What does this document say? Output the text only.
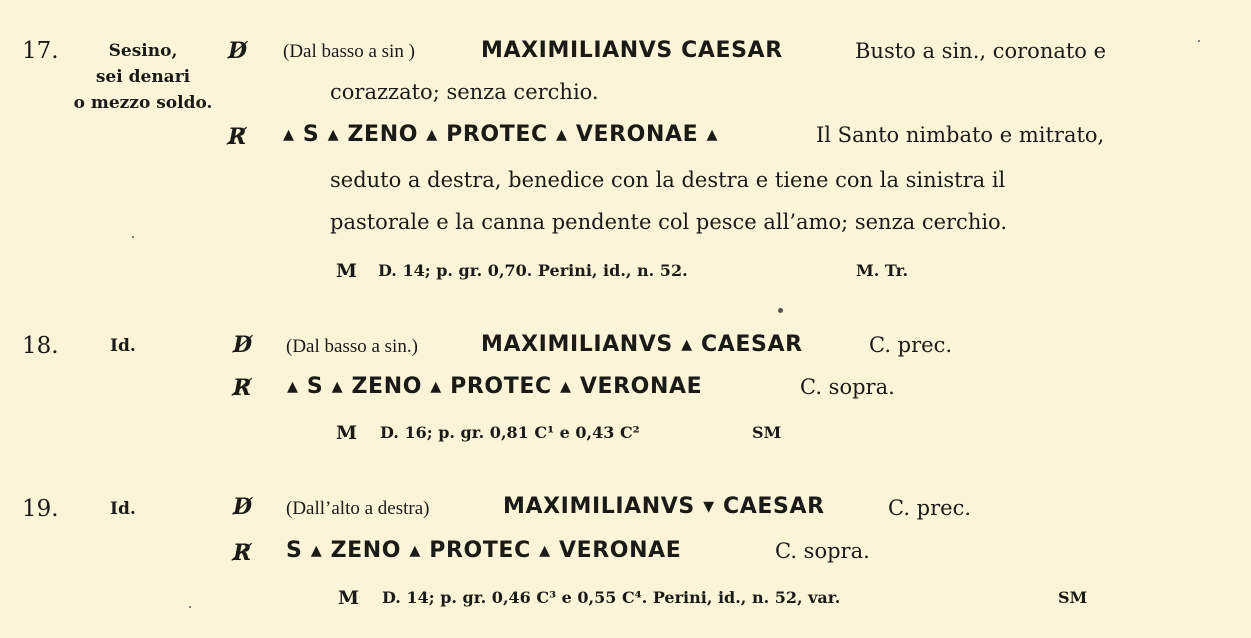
17.	Sesino,
sei denari
o mezzo soldo.
D̸ (Dal basso a sin )	MAXIMILIANVS CAESAR	Busto a sin., coronato e
corazzato; senza cerchio.
R̸ ▴ S ▴ ZENO ▴ PROTEC ▴ VERONAE ▴	Il Santo nimbato e mitrato,
seduto a destra, benedice con la destra e tiene con la sinistra il
pastorale e la canna pendente col pesce all’amo; senza cerchio.
M D. 14; p. gr. 0,70. Perini, id., n. 52.	M. Tr.
18.	Id.	D̸ (Dal basso a sin.)	MAXIMILIANVS ▴ CAESAR	C. prec.
R̸ ▴ S ▴ ZENO ▴ PROTEC ▴ VERONAE	C. sopra.
M D. 16; p. gr. 0,81 C¹ e 0,43 C²	SM
19.	Id.	D̸ (Dall’alto a destra)	MAXIMILIANVS ▾ CAESAR	C. prec.
R̸ S ▴ ZENO ▴ PROTEC ▴ VERONAE	C. sopra.
M D. 14; p. gr. 0,46 C³ e 0,55 C⁴. Perini, id., n. 52, var.	SM
